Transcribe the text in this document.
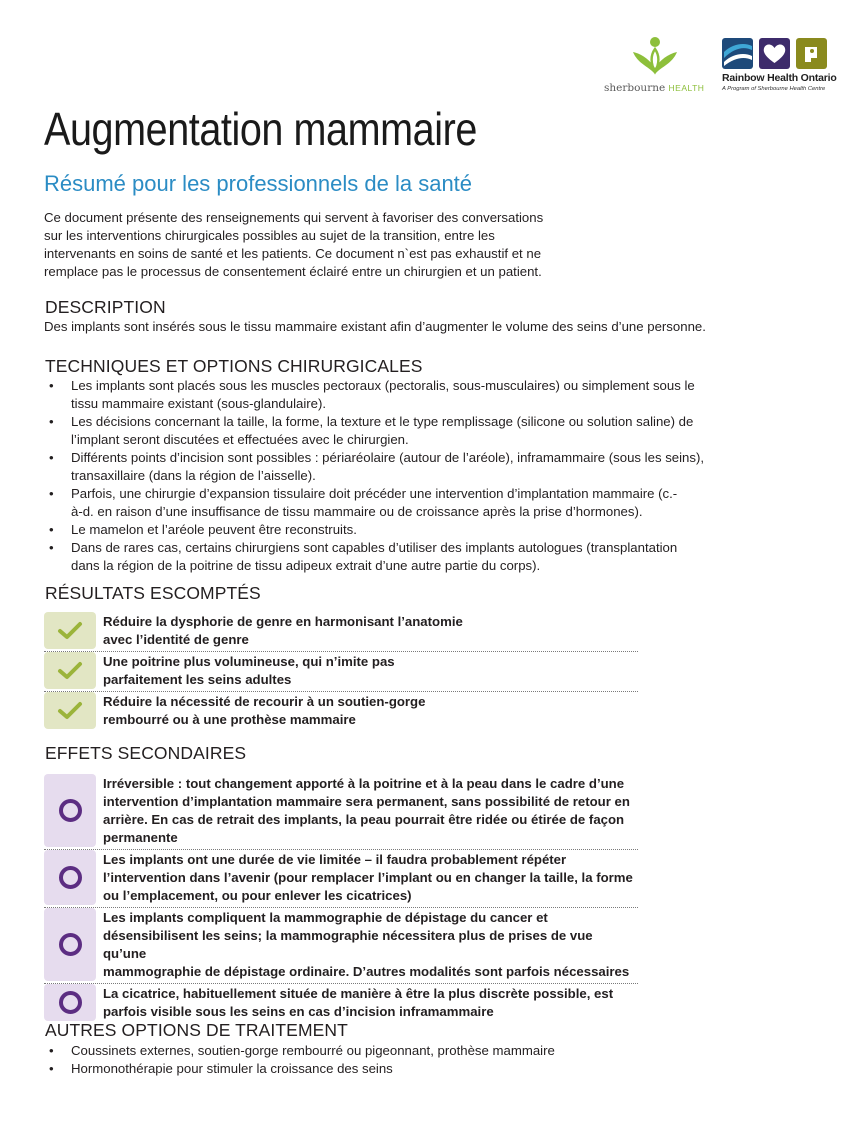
sherbourne HEALTH
Rainbow Health Ontario
A Program of Sherbourne Health Centre
Augmentation mammaire
Résumé pour les professionnels de la santé

Ce document présente des renseignements qui servent à favoriser des conversations
sur les interventions chirurgicales possibles au sujet de la transition, entre les
intervenants en soins de santé et les patients. Ce document n`est pas exhaustif et ne
remplace pas le processus de consentement éclairé entre un chirurgien et un patient.

DESCRIPTION

Des implants sont insérés sous le tissu mammaire existant afin d’augmenter le volume des seins d’une personne.

TECHNIQUES ET OPTIONS CHIRURGICALES
• Les implants sont placés sous les muscles pectoraux (pectoralis, sous-musculaires) ou simplement sous le
tissu mammaire existant (sous-glandulaire).
• Les décisions concernant la taille, la forme, la texture et le type remplissage (silicone ou solution saline) de
l’implant seront discutées et effectuées avec le chirurgien.
• Différents points d’incision sont possibles : périaréolaire (autour de l’aréole), inframammaire (sous les seins),
transaxillaire (dans la région de l’aisselle).
• Parfois, une chirurgie d’expansion tissulaire doit précéder une intervention d’implantation mammaire (c.-
à-d. en raison d’une insuffisance de tissu mammaire ou de croissance après la prise d’hormones).
• Le mamelon et l’aréole peuvent être reconstruits.
• Dans de rares cas, certains chirurgiens sont capables d’utiliser des implants autologues (transplantation
dans la région de la poitrine de tissu adipeux extrait d’une autre partie du corps).
RÉSULTATS ESCOMPTÉS
Réduire la dysphorie de genre en harmonisant l’anatomie
avec l’identité de genre
Une poitrine plus volumineuse, qui n’imite pas
parfaitement les seins adultes
Réduire la nécessité de recourir à un soutien-gorge
rembourré ou à une prothèse mammaire
EFFETS SECONDAIRES
Irréversible : tout changement apporté à la poitrine et à la peau dans le cadre d’une
intervention d’implantation mammaire sera permanent, sans possibilité de retour en
arrière. En cas de retrait des implants, la peau pourrait être ridée ou étirée de façon
permanente
Les implants ont une durée de vie limitée – il faudra probablement répéter
l’intervention dans l’avenir (pour remplacer l’implant ou en changer la taille, la forme
ou l’emplacement, ou pour enlever les cicatrices)
Les implants compliquent la mammographie de dépistage du cancer et
désensibilisent les seins; la mammographie nécessitera plus de prises de vue qu’une
mammographie de dépistage ordinaire. D’autres modalités sont parfois nécessaires
La cicatrice, habituellement située de manière à être la plus discrète possible, est
parfois visible sous les seins en cas d’incision inframammaire
AUTRES OPTIONS DE TRAITEMENT
• Coussinets externes, soutien-gorge rembourré ou pigeonnant, prothèse mammaire
• Hormonothérapie pour stimuler la croissance des seins
